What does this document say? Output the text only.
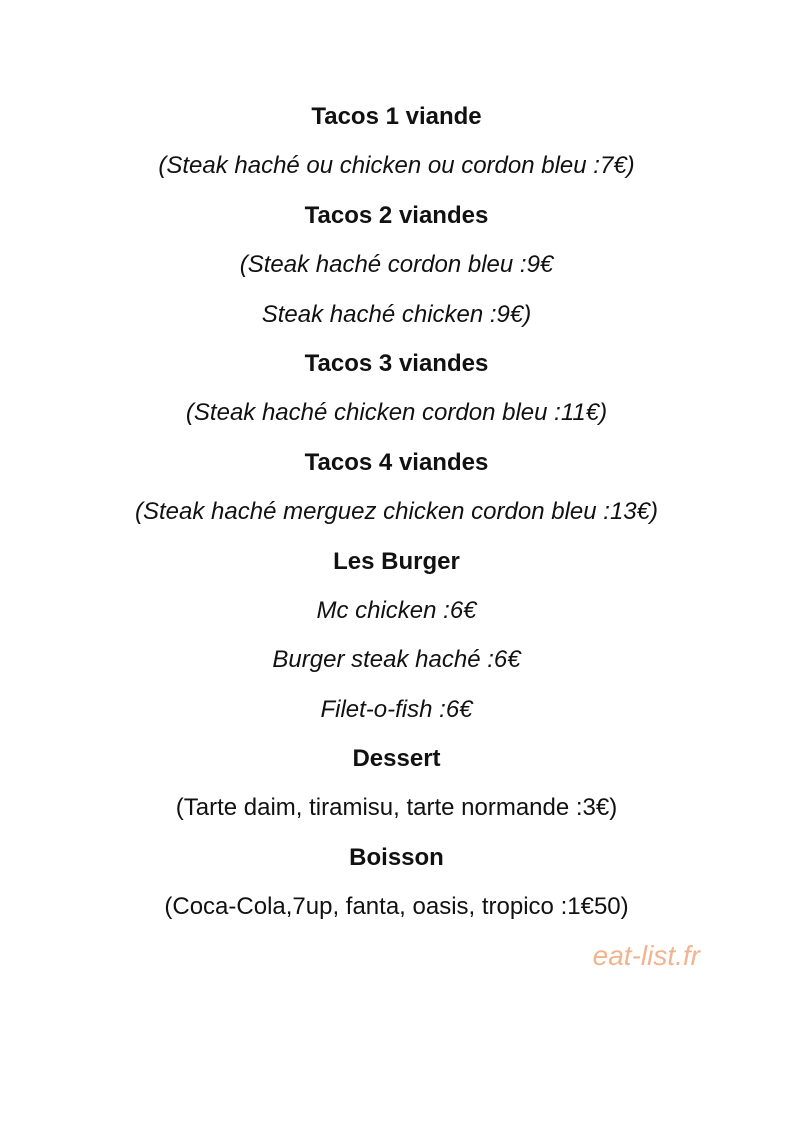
Tacos 1 viande
(Steak haché ou chicken ou cordon bleu :7€)
Tacos 2 viandes
(Steak haché cordon bleu :9€
Steak haché chicken :9€)
Tacos 3 viandes
(Steak haché chicken cordon bleu :11€)
Tacos 4 viandes
(Steak haché merguez chicken cordon bleu :13€)
Les Burger
Mc chicken :6€
Burger steak haché :6€
Filet-o-fish :6€
Dessert
(Tarte daim, tiramisu, tarte normande :3€)
Boisson
(Coca-Cola,7up, fanta, oasis, tropico :1€50)
eat-list.fr
